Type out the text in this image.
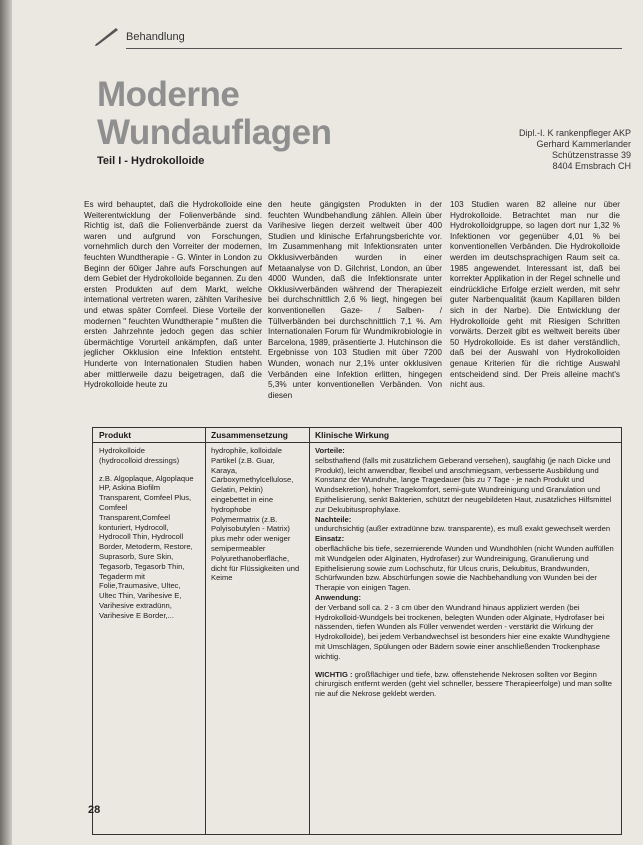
Behandlung
Moderne
Wundauflagen
Teil I - Hydrokolloide
Dipl.-I. K rankenpfleger AKP
Gerhard Kammerlander
Schützenstrasse 39
8404 Emsbrach CH
Es wird behauptet, daß die Hydrokolloide eine Weiterentwicklung der Folienverbände sind. Richtig ist, daß die Folienverbände zuerst da waren und aufgrund von Forschungen, vornehmlich durch den Vorreiter der modernen, feuchten Wundtherapie - G. Winter in London zu Beginn der 60iger Jahre aufs Forschungen auf dem Gebiet der Hydrokolloide begannen. Zu den ersten Produkten auf dem Markt, welche international vertreten waren, zählten Varihesive und etwas später Comfeel. Diese Vorteile der modernen " feuchten Wundtherapie " mußten die ersten Jahrzehnte jedoch gegen das schier übermächtige Vorurteil ankämpfen, daß unter jeglicher Okklusion eine Infektion entsteht. Hunderte von Internationalen Studien haben aber mittlerweile dazu beigetragen, daß die Hydrokolloide heute zu
den heute gängigsten Produkten in der feuchten Wundbehandlung zählen. Allein über Varihesive liegen derzeit weltweit über 400 Studien und klinische Erfahrungsberichte vor. Im Zusammenhang mit Infektionsraten unter Okklusivverbänden wurden in einer Metaanalyse von D. Gilchrist, London, an über 4000 Wunden, daß die Infektionsrate unter Okklusivverbänden während der Therapiezeit bei durchschnittlich 2,6 % liegt, hingegen bei konventionellen Gaze- / Salben- / Tüllverbänden bei durchschnittlich 7,1 %. Am Internationalen Forum für Wundmikrobiologie in Barcelona, 1989, präsentierte J. Hutchinson die Ergebnisse von 103 Studien mit über 7200 Wunden, wonach nur 2,1% unter okklusiven Verbänden eine Infektion erlitten, hingegen 5,3% unter konventionellen Verbänden. Von diesen
103 Studien waren 82 alleine nur über Hydrokolloide. Betrachtet man nur die Hydrokolloidgruppe, so lagen dort nur 1,32 % Infektionen vor gegenüber 4,01 % bei konventionellen Verbänden. Die Hydrokolloide werden im deutschsprachigen Raum seit ca. 1985 angewendet. Interessant ist, daß bei korrekter Applikation in der Regel schnelle und eindrückliche Erfolge erzielt werden, mit sehr guter Narbenqualität (kaum Kapillaren bilden sich in der Narbe). Die Entwicklung der Hydrokolloide geht mit Riesigen Schritten vorwärts. Derzeit gibt es weltweit bereits über 50 Hydrokolloide. Es ist daher verständlich, daß bei der Auswahl von Hydrokolloiden genaue Kriterien für die richtige Auswahl entscheidend sind. Der Preis alleine macht's nicht aus.
Produkt	Zusammensetzung	Klinische Wirkung
Hydrokolloide
(hydrocolloid dressings)
z.B. Algoplaque, Algoplaque HP, Askina Biofilm Transparent, Comfeel Plus, Comfeel Transparent,Comfeel konturiert, Hydrocoll, Hydrocoll Thin, Hydrocoll Border, Metoderm, Restore, Suprasorb, Sure Skin, Tegasorb, Tegasorb Thin, Tegaderm mit Folie,Traumasive, Ultec, Ultec Thin, Varihesive E, Varihesive extradünn, Varihesive E Border,...
hydrophile, kolloidale Partikel (z.B. Guar, Karaya, Carboxymethylcellulose, Gelatin, Pektin) eingebettet in eine hydrophobe Polymermatrix (z.B. Polyisobutylen - Matrix) plus mehr oder weniger semipermeabler Polyurethanoberfläche, dicht für Flüssigkeiten und Keime
Vorteile:
selbsthaftend (falls mit zusätzlichem Geberand versehen), saugfähig (je nach Dicke und Produkt), leicht anwendbar, flexibel und anschmiegsam, verbesserte Ausbildung und Konstanz der Wundruhe, lange Tragedauer (bis zu 7 Tage - je nach Produkt und Wundsekretion), hoher Tragekomfort, semi-gute Wundreinigung und Granulation und Epithelisierung, senkt Bakterien, schützt der neugebildeten Haut, zusätzliches Hilfsmittel zur Dekubitusprophylaxe.
Nachteile:
undurchsichtig (außer extradünne bzw. transparente), es muß exakt gewechselt werden
Einsatz:
oberflächliche bis tiefe, sezernierende Wunden und Wundhöhlen (nicht Wunden auffüllen mit Wundgelen oder Alginaten, Hydrofaser) zur Wundreinigung, Granulierung und Epithelisierung sowie zum Lochschutz, für Ulcus cruris, Dekubitus, Brandwunden, Schürfwunden bzw. Abschürfungen sowie die Nachbehandlung von Wunden bei der Therapie von einigen Tagen.
Anwendung:
der Verband soll ca. 2 - 3 cm über den Wundrand hinaus appliziert werden (bei Hydrokolloid-Wundgels bei trockenen, belegten Wunden oder Alginate, Hydrofaser bei nässenden, tiefen Wunden als Füller verwendet werden - verstärkt die Wirkung der Hydrokolloide), bei jedem Verbandwechsel ist besonders hier eine exakte Wundhygiene mit Umschlägen, Spülungen oder Bädern sowie einer anschließenden Trockenphase wichtig.
WICHTIG : großflächiger und tiefe, bzw. offenstehende Nekrosen sollten vor Beginn chirurgisch entfernt werden (geht viel schneller, bessere Therapieerfolge) und man sollte nie auf die Nekrose geklebt werden.
28
